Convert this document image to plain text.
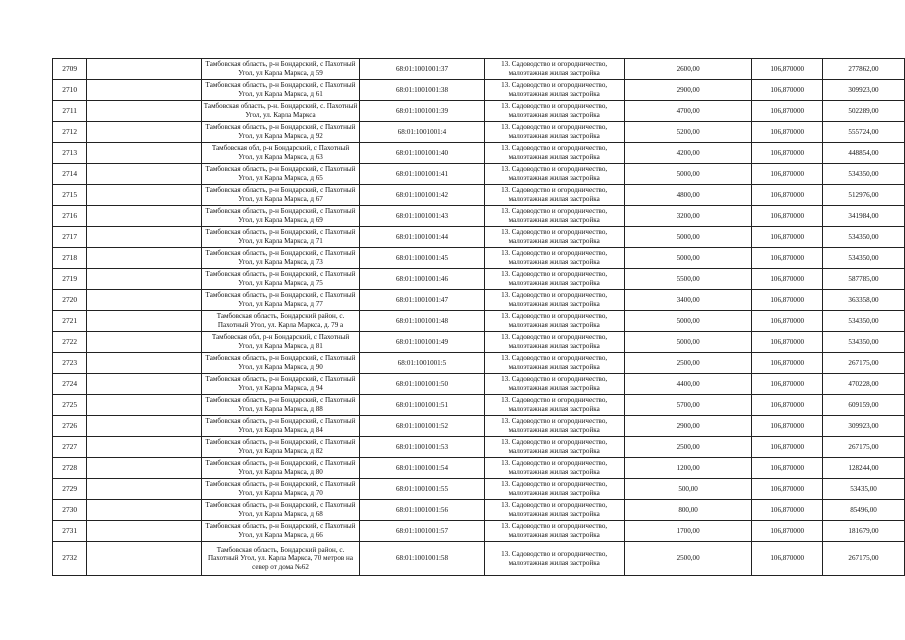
2709		Тамбовская область, р-н Бондарский, с Пахотный Угол, ул Карла Маркса, д 59	68:01:1001001:37	13. Садоводство и огородничество, малоэтажная жилая застройка	2600,00	106,870000	277862,00
2710		Тамбовская область, р-н Бондарский, с Пахотный Угол, ул Карла Маркса, д 61	68:01:1001001:38	13. Садоводство и огородничество, малоэтажная жилая застройка	2900,00	106,870000	309923,00
2711		Тамбовская область, р-н. Бондарский, с. Пахотный Угол, ул. Карла Маркса	68:01:1001001:39	13. Садоводство и огородничество, малоэтажная жилая застройка	4700,00	106,870000	502289,00
2712		Тамбовская область, р-н Бондарский, с Пахотный Угол, ул Карла Маркса, д 92	68:01:1001001:4	13. Садоводство и огородничество, малоэтажная жилая застройка	5200,00	106,870000	555724,00
2713		Тамбовская обл, р-н Бондарский, с Пахотный Угол, ул Карла Маркса, д 63	68:01:1001001:40	13. Садоводство и огородничество, малоэтажная жилая застройка	4200,00	106,870000	448854,00
2714		Тамбовская область, р-н Бондарский, с Пахотный Угол, ул Карла Маркса, д 65	68:01:1001001:41	13. Садоводство и огородничество, малоэтажная жилая застройка	5000,00	106,870000	534350,00
2715		Тамбовская область, р-н Бондарский, с Пахотный Угол, ул Карла Маркса, д 67	68:01:1001001:42	13. Садоводство и огородничество, малоэтажная жилая застройка	4800,00	106,870000	512976,00
2716		Тамбовская область, р-н Бондарский, с Пахотный Угол, ул Карла Маркса, д 69	68:01:1001001:43	13. Садоводство и огородничество, малоэтажная жилая застройка	3200,00	106,870000	341984,00
2717		Тамбовская область, р-н Бондарский, с Пахотный Угол, ул Карла Маркса, д 71	68:01:1001001:44	13. Садоводство и огородничество, малоэтажная жилая застройка	5000,00	106,870000	534350,00
2718		Тамбовская область, р-н Бондарский, с Пахотный Угол, ул Карла Маркса, д 73	68:01:1001001:45	13. Садоводство и огородничество, малоэтажная жилая застройка	5000,00	106,870000	534350,00
2719		Тамбовская область, р-н Бондарский, с Пахотный Угол, ул Карла Маркса, д 75	68:01:1001001:46	13. Садоводство и огородничество, малоэтажная жилая застройка	5500,00	106,870000	587785,00
2720		Тамбовская область, р-н Бондарский, с Пахотный Угол, ул Карла Маркса, д 77	68:01:1001001:47	13. Садоводство и огородничество, малоэтажная жилая застройка	3400,00	106,870000	363358,00
2721		Тамбовская область, Бондарский район, с. Пахотный Угол, ул. Карла Маркса, д. 79 а	68:01:1001001:48	13. Садоводство и огородничество, малоэтажная жилая застройка	5000,00	106,870000	534350,00
2722		Тамбовская обл, р-н Бондарский, с Пахотный Угол, ул Карла Маркса, д 81	68:01:1001001:49	13. Садоводство и огородничество, малоэтажная жилая застройка	5000,00	106,870000	534350,00
2723		Тамбовская область, р-н Бондарский, с Пахотный Угол, ул Карла Маркса, д 90	68:01:1001001:5	13. Садоводство и огородничество, малоэтажная жилая застройка	2500,00	106,870000	267175,00
2724		Тамбовская область, р-н Бондарский, с Пахотный Угол, ул Карла Маркса, д 94	68:01:1001001:50	13. Садоводство и огородничество, малоэтажная жилая застройка	4400,00	106,870000	470228,00
2725		Тамбовская область, р-н Бондарский, с Пахотный Угол, ул Карла Маркса, д 88	68:01:1001001:51	13. Садоводство и огородничество, малоэтажная жилая застройка	5700,00	106,870000	609159,00
2726		Тамбовская область, р-н Бондарский, с Пахотный Угол, ул Карла Маркса, д 84	68:01:1001001:52	13. Садоводство и огородничество, малоэтажная жилая застройка	2900,00	106,870000	309923,00
2727		Тамбовская область, р-н Бондарский, с Пахотный Угол, ул Карла Маркса, д 82	68:01:1001001:53	13. Садоводство и огородничество, малоэтажная жилая застройка	2500,00	106,870000	267175,00
2728		Тамбовская область, р-н Бондарский, с Пахотный Угол, ул Карла Маркса, д 80	68:01:1001001:54	13. Садоводство и огородничество, малоэтажная жилая застройка	1200,00	106,870000	128244,00
2729		Тамбовская область, р-н Бондарский, с Пахотный Угол, ул Карла Маркса, д 70	68:01:1001001:55	13. Садоводство и огородничество, малоэтажная жилая застройка	500,00	106,870000	53435,00
2730		Тамбовская область, р-н Бондарский, с Пахотный Угол, ул Карла Маркса, д 68	68:01:1001001:56	13. Садоводство и огородничество, малоэтажная жилая застройка	800,00	106,870000	85496,00
2731		Тамбовская область, р-н Бондарский, с Пахотный Угол, ул Карла Маркса, д 66	68:01:1001001:57	13. Садоводство и огородничество, малоэтажная жилая застройка	1700,00	106,870000	181679,00
2732		Тамбовская область, Бондарский район, с. Пахотный Угол, ул. Карла Маркса, 70 метров на север от дома №62	68:01:1001001:58	13. Садоводство и огородничество, малоэтажная жилая застройка	2500,00	106,870000	267175,00
